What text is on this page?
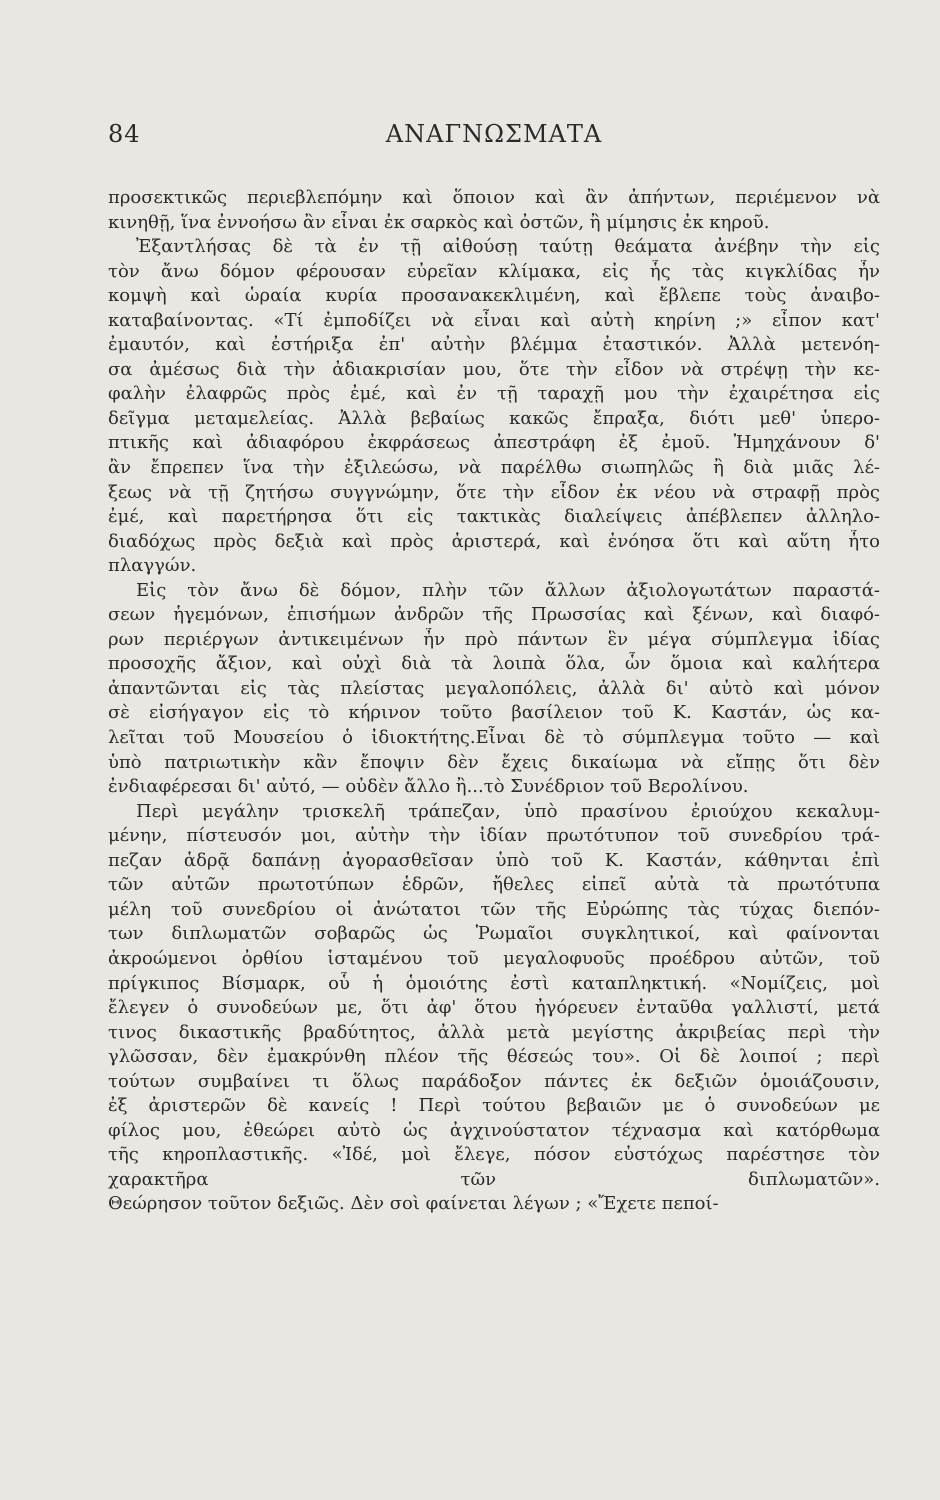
84	ΑΝΑΓΝΩΣΜΑΤΑ
προσεκτικῶς περιεβλεπόμην καὶ ὅποιον καὶ ἂν ἀπήντων, περιέμενον νὰ
κινηθῇ, ἵνα ἐννοήσω ἂν εἶναι ἐκ σαρκὸς καὶ ὀστῶν, ἢ μίμησις ἐκ κηροῦ.
Ἐξαντλήσας δὲ τὰ ἐν τῇ αἰθούσῃ ταύτῃ θεάματα ἀνέβην τὴν εἰς
τὸν ἄνω δόμον φέρουσαν εὐρεῖαν κλίμακα, εἰς ἧς τὰς κιγκλίδας ἦν
κομψὴ καὶ ὡραία κυρία προσανακεκλιμένη, καὶ ἔβλεπε τοὺς ἀναιβο-
καταβαίνοντας. «Τί ἐμποδίζει νὰ εἶναι καὶ αὐτὴ κηρίνη ;» εἶπον κατ'
ἐμαυτόν, καὶ ἐστήριξα ἐπ' αὐτὴν βλέμμα ἐταστικόν. Ἀλλὰ μετενόη-
σα ἀμέσως διὰ τὴν ἀδιακρισίαν μου, ὅτε τὴν εἶδον νὰ στρέψῃ τὴν κε-
φαλὴν ἐλαφρῶς πρὸς ἐμέ, καὶ ἐν τῇ ταραχῇ μου τὴν ἐχαιρέτησα εἰς
δεῖγμα μεταμελείας. Ἀλλὰ βεβαίως κακῶς ἔπραξα, διότι μεθ' ὑπερο-
πτικῆς καὶ ἀδιαφόρου ἐκφράσεως ἀπεστράφη ἐξ ἐμοῦ. Ἠμηχάνουν δ'
ἂν ἔπρεπεν ἵνα τὴν ἐξιλεώσω, νὰ παρέλθω σιωπηλῶς ἢ διὰ μιᾶς λέ-
ξεως νὰ τῇ ζητήσω συγγνώμην, ὅτε τὴν εἶδον ἐκ νέου νὰ στραφῇ πρὸς
ἐμέ, καὶ παρετήρησα ὅτι εἰς τακτικὰς διαλείψεις ἀπέβλεπεν ἀλληλο-
διαδόχως πρὸς δεξιὰ καὶ πρὸς ἀριστερά, καὶ ἐνόησα ὅτι καὶ αὕτη ἦτο
πλαγγών.
Εἰς τὸν ἄνω δὲ δόμον, πλὴν τῶν ἄλλων ἀξιολογωτάτων παραστά-
σεων ἡγεμόνων, ἐπισήμων ἀνδρῶν τῆς Πρωσσίας καὶ ξένων, καὶ διαφό-
ρων περιέργων ἀντικειμένων ἦν πρὸ πάντων ἓν μέγα σύμπλεγμα ἰδίας
προσοχῆς ἄξιον, καὶ οὐχὶ διὰ τὰ λοιπὰ ὅλα, ὧν ὅμοια καὶ καλήτερα
ἀπαντῶνται εἰς τὰς πλείστας μεγαλοπόλεις, ἀλλὰ δι' αὐτὸ καὶ μόνον
σὲ εἰσήγαγον εἰς τὸ κήρινον τοῦτο βασίλειον τοῦ Κ. Καστάν, ὡς κα-
λεῖται τοῦ Μουσείου ὁ ἰδιοκτήτης.Εἶναι δὲ τὸ σύμπλεγμα τοῦτο — καὶ
ὑπὸ πατριωτικὴν κἂν ἔποψιν δὲν ἔχεις δικαίωμα νὰ εἴπῃς ὅτι δὲν
ἐνδιαφέρεσαι δι' αὐτό, — οὐδὲν ἄλλο ἢ...τὸ Συνέδριον τοῦ Βερολίνου.
Περὶ μεγάλην τρισκελῆ τράπεζαν, ὑπὸ πρασίνου ἐριούχου κεκαλυμ-
μένην, πίστευσόν μοι, αὐτὴν τὴν ἰδίαν πρωτότυπον τοῦ συνεδρίου τρά-
πεζαν ἁδρᾷ δαπάνῃ ἀγορασθεῖσαν ὑπὸ τοῦ Κ. Καστάν, κάθηνται ἐπὶ
τῶν αὐτῶν πρωτοτύπων ἑδρῶν, ἤθελες εἰπεῖ αὐτὰ τὰ πρωτότυπα
μέλη τοῦ συνεδρίου οἱ ἀνώτατοι τῶν τῆς Εὐρώπης τὰς τύχας διεπόν-
των διπλωματῶν σοβαρῶς ὡς Ῥωμαῖοι συγκλητικοί, καὶ φαίνονται
ἀκροώμενοι ὀρθίου ἱσταμένου τοῦ μεγαλοφυοῦς προέδρου αὐτῶν, τοῦ
πρίγκιπος Βίσμαρκ, οὗ ἡ ὁμοιότης ἐστὶ καταπληκτική. «Νομίζεις, μοὶ
ἔλεγεν ὁ συνοδεύων με, ὅτι ἀφ' ὅτου ἠγόρευεν ἐνταῦθα γαλλιστί, μετά
τινος δικαστικῆς βραδύτητος, ἀλλὰ μετὰ μεγίστης ἀκριβείας περὶ τὴν
γλῶσσαν, δὲν ἐμακρύνθη πλέον τῆς θέσεώς του». Οἱ δὲ λοιποί ; περὶ
τούτων συμβαίνει τι ὅλως παράδοξον πάντες ἐκ δεξιῶν ὁμοιάζουσιν,
ἐξ ἀριστερῶν δὲ κανείς ! Περὶ τούτου βεβαιῶν με ὁ συνοδεύων με
φίλος μου, ἐθεώρει αὐτὸ ὡς ἀγχινούστατον τέχνασμα καὶ κατόρθωμα
τῆς κηροπλαστικῆς. «Ἰδέ, μοὶ ἔλεγε, πόσον εὐστόχως παρέστησε τὸν
χαρακτῆρα τῶν διπλωματῶν».
Θεώρησον τοῦτον δεξιῶς. Δὲν σοὶ φαίνεται λέγων ; «Ἔχετε πεποί-
